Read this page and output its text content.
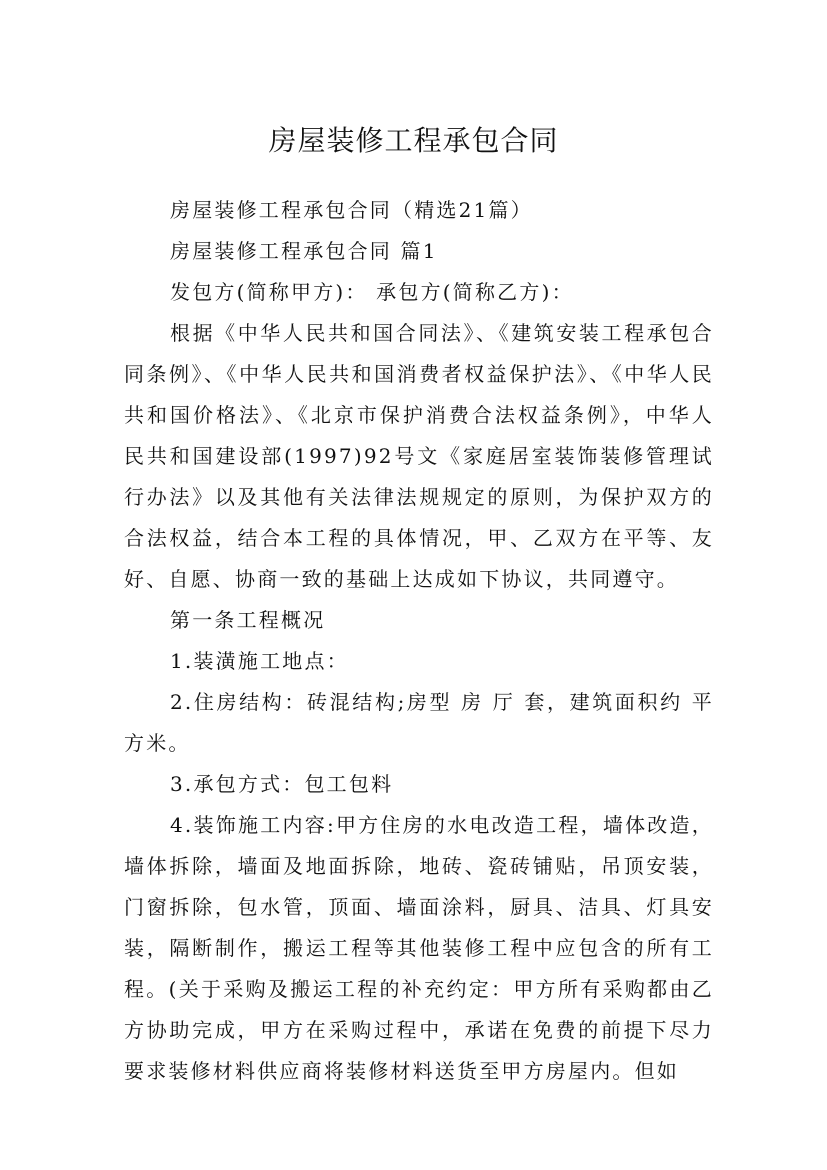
房屋装修工程承包合同

房屋装修工程承包合同（精选21篇）

房屋装修工程承包合同 篇1

发包方(简称甲方)： 承包方(简称乙方)：

根据《中华人民共和国合同法》、《建筑安装工程承包合同条例》、《中华人民共和国消费者权益保护法》、《中华人民共和国价格法》、《北京市保护消费合法权益条例》，中华人民共和国建设部(1997)92号文《家庭居室装饰装修管理试行办法》以及其他有关法律法规规定的原则，为保护双方的合法权益，结合本工程的具体情况，甲、乙双方在平等、友好、自愿、协商一致的基础上达成如下协议，共同遵守。

第一条工程概况

1.装潢施工地点：

2.住房结构：砖混结构;房型 房 厅 套，建筑面积约 平方米。

3.承包方式：包工包料

4.装饰施工内容:甲方住房的水电改造工程，墙体改造，墙体拆除，墙面及地面拆除，地砖、瓷砖铺贴，吊顶安装，门窗拆除，包水管，顶面、墙面涂料，厨具、洁具、灯具安装，隔断制作，搬运工程等其他装修工程中应包含的所有工程。(关于采购及搬运工程的补充约定：甲方所有采购都由乙方协助完成，甲方在采购过程中，承诺在免费的前提下尽力要求装修材料供应商将装修材料送货至甲方房屋内。但如
